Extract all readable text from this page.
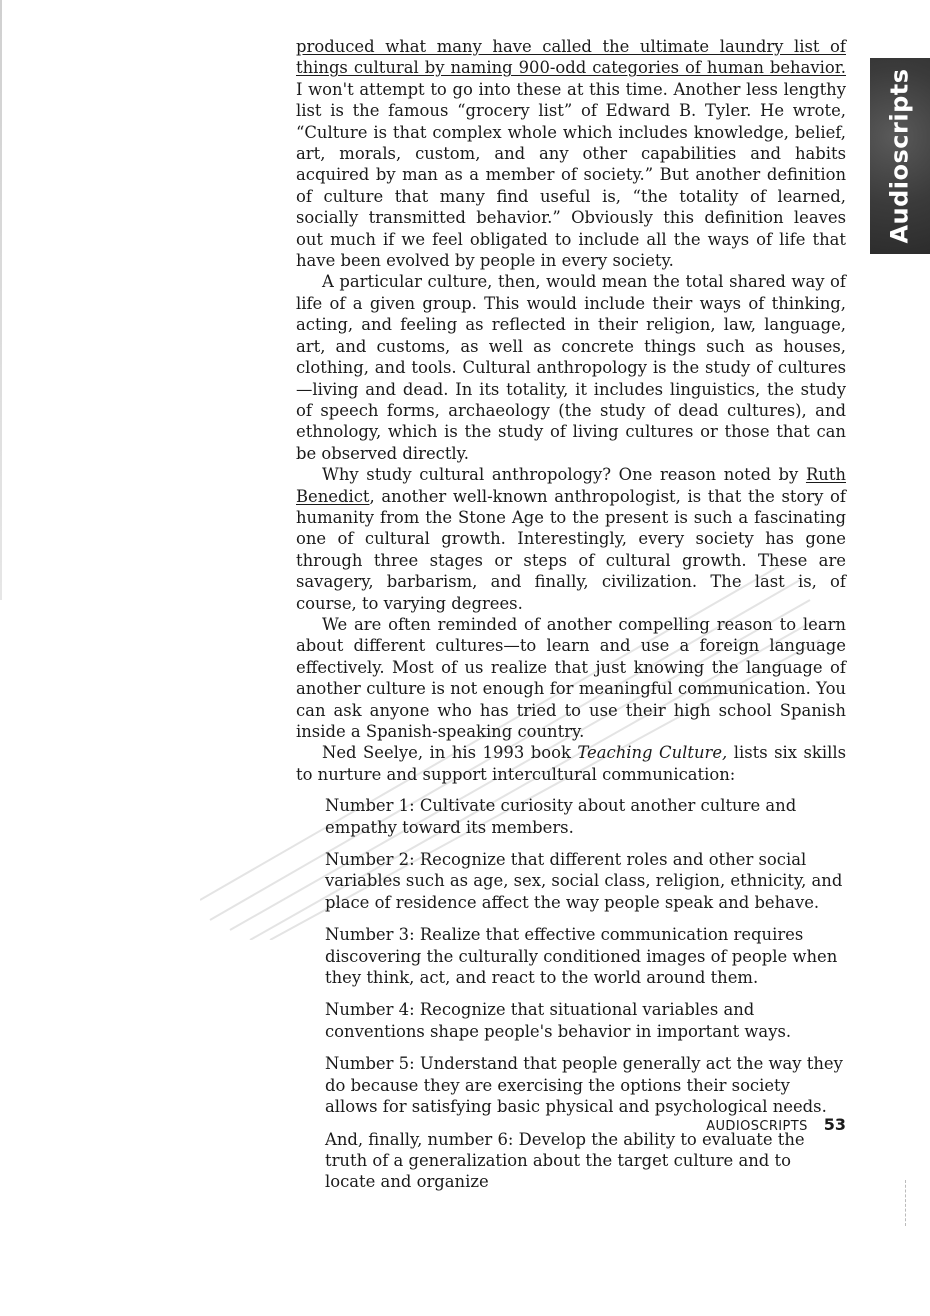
Audioscripts

produced what many have called the ultimate laundry list of things cultural by naming 900-odd categories of human behavior. I won't attempt to go into these at this time. Another less lengthy list is the famous “grocery list” of Edward B. Tyler. He wrote, “Culture is that complex whole which includes knowledge, belief, art, morals, custom, and any other capabilities and habits acquired by man as a member of society.” But another definition of culture that many find useful is, “the totality of learned, socially transmitted behavior.” Obviously this definition leaves out much if we feel obligated to include all the ways of life that have been evolved by people in every society.

A particular culture, then, would mean the total shared way of life of a given group. This would include their ways of thinking, acting, and feeling as reflected in their religion, law, language, art, and customs, as well as concrete things such as houses, clothing, and tools. Cultural anthropology is the study of cultures—living and dead. In its totality, it includes linguistics, the study of speech forms, archaeology (the study of dead cultures), and ethnology, which is the study of living cultures or those that can be observed directly.

Why study cultural anthropology? One reason noted by Ruth Benedict, another well-known anthropologist, is that the story of humanity from the Stone Age to the present is such a fascinating one of cultural growth. Interestingly, every society has gone through three stages or steps of cultural growth. These are savagery, barbarism, and finally, civilization. The last is, of course, to varying degrees.

We are often reminded of another compelling reason to learn about different cultures—to learn and use a foreign language effectively. Most of us realize that just knowing the language of another culture is not enough for meaningful communication. You can ask anyone who has tried to use their high school Spanish inside a Spanish-speaking country.

Ned Seelye, in his 1993 book Teaching Culture, lists six skills to nurture and support intercultural communication:

Number 1: Cultivate curiosity about another culture and empathy toward its members.

Number 2: Recognize that different roles and other social variables such as age, sex, social class, religion, ethnicity, and place of residence affect the way people speak and behave.

Number 3: Realize that effective communication requires discovering the culturally conditioned images of people when they think, act, and react to the world around them.

Number 4: Recognize that situational variables and conventions shape people's behavior in important ways.

Number 5: Understand that people generally act the way they do because they are exercising the options their society allows for satisfying basic physical and psychological needs.

And, finally, number 6: Develop the ability to evaluate the truth of a generalization about the target culture and to locate and organize

AUDIOSCRIPTS 53
